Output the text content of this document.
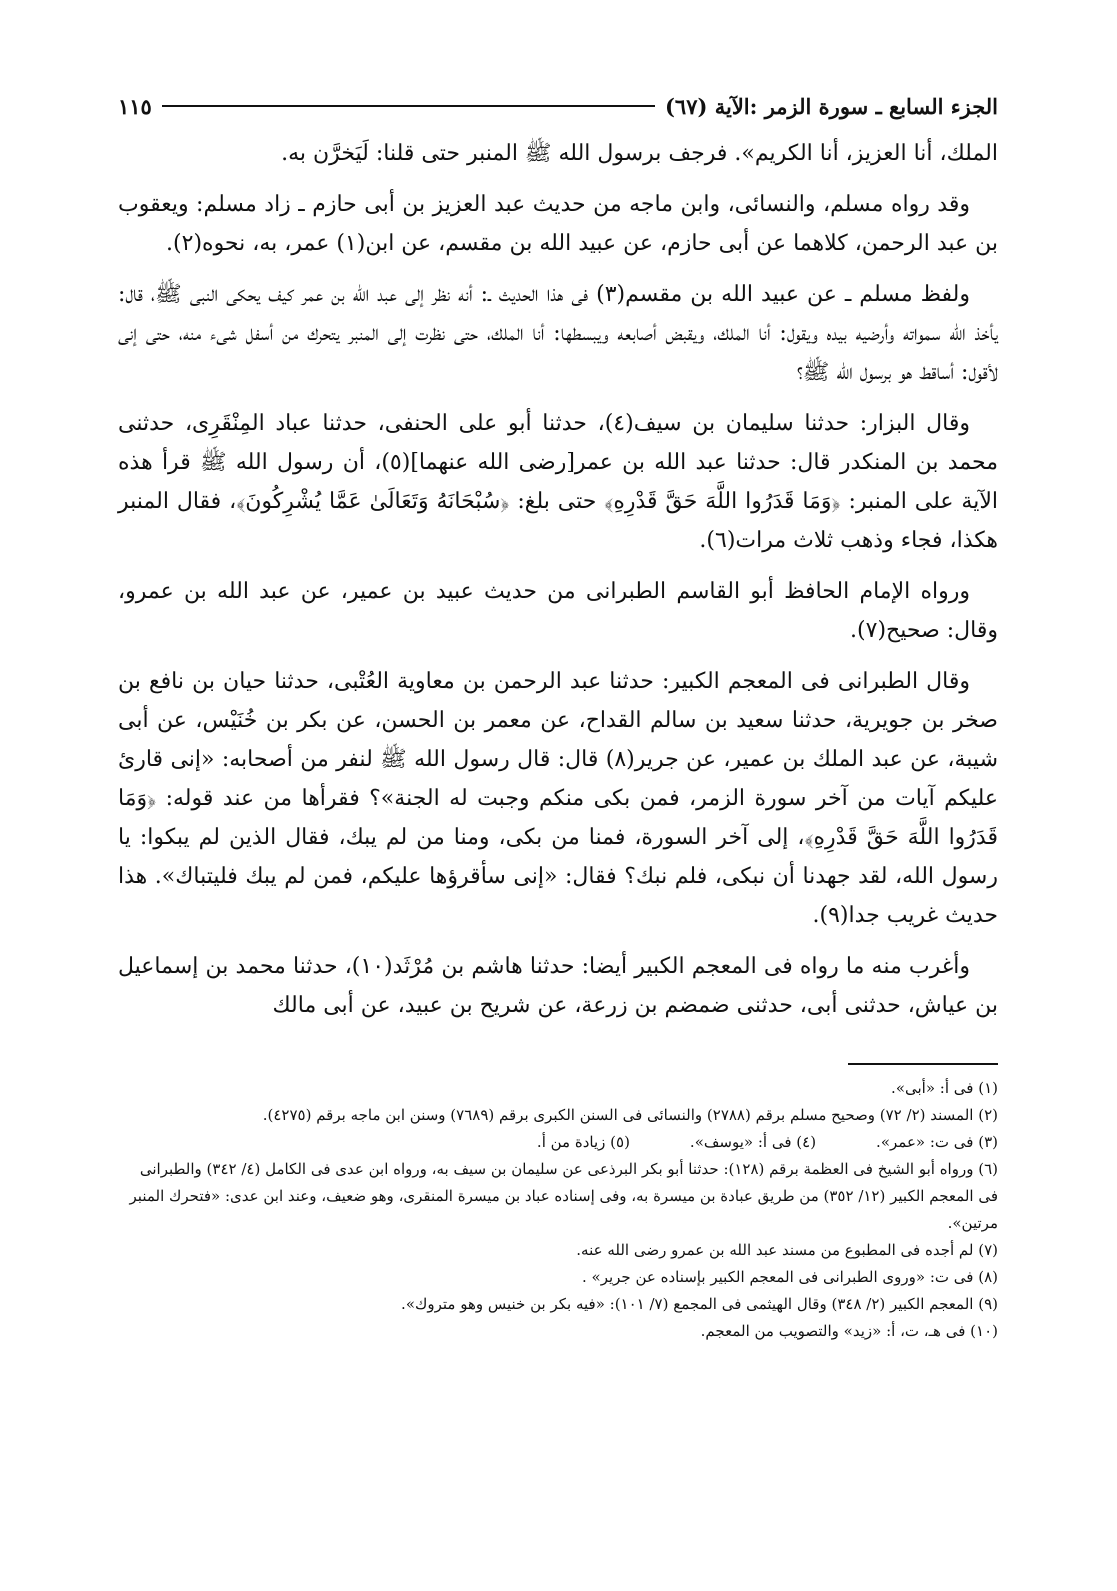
الجزء السابع ـ سورة الزمر :الآية (٦٧)
١١٥

الملك، أنا العزيز، أنا الكريم». فرجف برسول الله ﷺ المنبر حتى قلنا: لَيَخرَّن به.

وقد رواه مسلم، والنسائى، وابن ماجه من حديث عبد العزيز بن أبى حازم ـ زاد مسلم: ويعقوب بن عبد الرحمن، كلاهما عن أبى حازم، عن عبيد الله بن مقسم، عن ابن(١) عمر، به، نحوه(٢).

ولفظ مسلم ـ عن عبيد الله بن مقسم(٣) فى هذا الحديث ـ: أنه نظر إلى عبد الله بن عمر كيف يحكى النبى ﷺ، قال: يأخذ الله سمواته وأرضيه بيده ويقول: أنا الملك، ويقبض أصابعه ويبسطها: أنا الملك، حتى نظرت إلى المنبر يتحرك من أسفل شىء منه، حتى إنى لأقول: أساقط هو برسول الله ﷺ؟

وقال البزار: حدثنا سليمان بن سيف(٤)، حدثنا أبو على الحنفى، حدثنا عباد المِنْقَرِى، حدثنى محمد بن المنكدر قال: حدثنا عبد الله بن عمر[رضى الله عنهما](٥)، أن رسول الله ﷺ قرأ هذه الآية على المنبر: ﴿وَمَا قَدَرُوا اللَّهَ حَقَّ قَدْرِهِ﴾ حتى بلغ: ﴿سُبْحَانَهُ وَتَعَالَىٰ عَمَّا يُشْرِكُونَ﴾، فقال المنبر هكذا، فجاء وذهب ثلاث مرات(٦).

ورواه الإمام الحافظ أبو القاسم الطبرانى من حديث عبيد بن عمير، عن عبد الله بن عمرو، وقال: صحيح(٧).

وقال الطبرانى فى المعجم الكبير: حدثنا عبد الرحمن بن معاوية العُتْبى، حدثنا حيان بن نافع بن صخر بن جويرية، حدثنا سعيد بن سالم القداح، عن معمر بن الحسن، عن بكر بن خُنَيْس، عن أبى شيبة، عن عبد الملك بن عمير، عن جرير(٨) قال: قال رسول الله ﷺ لنفر من أصحابه: «إنى قارئ عليكم آيات من آخر سورة الزمر، فمن بكى منكم وجبت له الجنة»؟ فقرأها من عند قوله: ﴿وَمَا قَدَرُوا اللَّهَ حَقَّ قَدْرِهِ﴾، إلى آخر السورة، فمنا من بكى، ومنا من لم يبك، فقال الذين لم يبكوا: يا رسول الله، لقد جهدنا أن نبكى، فلم نبك؟ فقال: «إنى سأقرؤها عليكم، فمن لم يبك فليتباك». هذا حديث غريب جدا(٩).

وأغرب منه ما رواه فى المعجم الكبير أيضا: حدثنا هاشم بن مُرْثَد(١٠)، حدثنا محمد بن إسماعيل بن عياش، حدثنى أبى، حدثنى ضمضم بن زرعة، عن شريح بن عبيد، عن أبى مالك

(١) فى أ: «أبى».
(٢) المسند (٢/ ٧٢) وصحيح مسلم برقم (٢٧٨٨) والنسائى فى السنن الكبرى برقم (٧٦٨٩) وسنن ابن ماجه برقم (٤٢٧٥).
(٣) فى ت: «عمر».
(٤) فى أ: «يوسف».
(٥) زيادة من أ.
(٦) ورواه أبو الشيخ فى العظمة برقم (١٢٨): حدثنا أبو بكر البرذعى عن سليمان بن سيف به، ورواه ابن عدى فى الكامل (٤/ ٣٤٢) والطبرانى فى المعجم الكبير (١٢/ ٣٥٢) من طريق عبادة بن ميسرة به، وفى إسناده عباد بن ميسرة المنقرى، وهو ضعيف، وعند ابن عدى: «فتحرك المنبر مرتين».
(٧) لم أجده فى المطبوع من مسند عبد الله بن عمرو رضى الله عنه.
(٨) فى ت: «وروى الطبرانى فى المعجم الكبير بإسناده عن جرير» .
(٩) المعجم الكبير (٢/ ٣٤٨) وقال الهيثمى فى المجمع (٧/ ١٠١): «فيه بكر بن خنيس وهو متروك».
(١٠) فى هـ، ت، أ: «زيد» والتصويب من المعجم.
